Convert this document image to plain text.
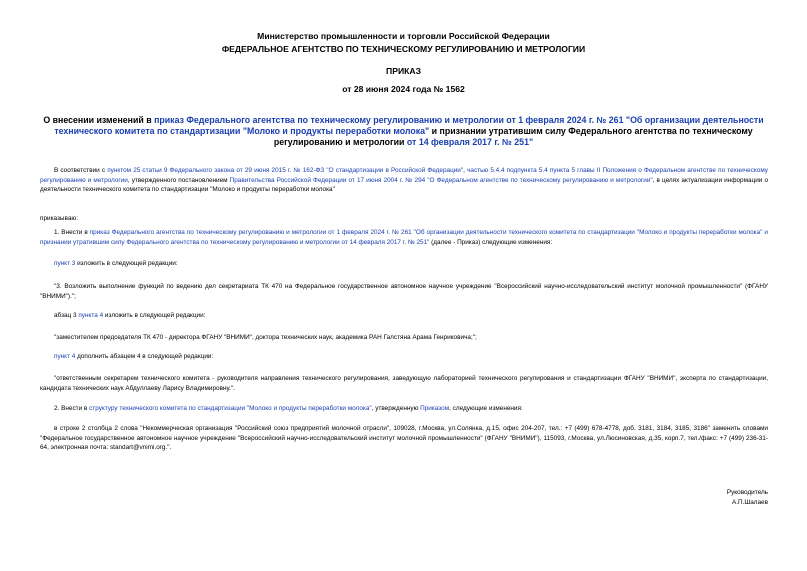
Министерство промышленности и торговли Российской Федерации
ФЕДЕРАЛЬНОЕ АГЕНТСТВО ПО ТЕХНИЧЕСКОМУ РЕГУЛИРОВАНИЮ И МЕТРОЛОГИИ
ПРИКАЗ
от 28 июня 2024 года № 1562
О внесении изменений в приказ Федерального агентства по техническому регулированию и метрологии от 1 февраля 2024 г. № 261 "Об организации деятельности технического комитета по стандартизации "Молоко и продукты переработки молока" и признании утратившим силу Федерального агентства по техническому регулированию и метрологии от 14 февраля 2017 г. № 251"
В соответствии с пунктом 25 статьи 9 Федерального закона от 29 июня 2015 г. № 162-ФЗ "О стандартизации в Российской Федерации", частью 5.4.4 подпункта 5.4 пункта 5 главы II Положения о Федеральном агентстве по техническому регулированию и метрологии, утвержденного постановлением Правительства Российской Федерации от 17 июня 2004 г. № 294 "О Федеральном агентстве по техническому регулированию и метрологии", в целях актуализации информации о деятельности технического комитета по стандартизации "Молоко и продукты переработки молока"
приказываю:
1. Внести в приказ Федерального агентства по техническому регулированию и метрологии от 1 февраля 2024 г. № 261 "Об организации деятельности технического комитета по стандартизации "Молоко и продукты переработки молока" и признании утратившим силу Федерального агентства по техническому регулированию и метрологии от 14 февраля 2017 г. № 251" (далее - Приказ) следующие изменения:
пункт 3 изложить в следующей редакции:
"3. Возложить выполнение функций по ведению дел секретариата ТК 470 на Федеральное государственное автономное научное учреждение "Всероссийский научно-исследовательский институт молочной промышленности" (ФГАНУ "ВНИМИ").";
абзац 3 пункта 4 изложить в следующей редакции:
"заместителем председателя ТК 470 - директора ФГАНУ "ВНИМИ", доктора технических наук, академика РАН Галстяна Арама Генриковича;";
пункт 4 дополнить абзацем 4 в следующей редакции:
"ответственным секретарем технического комитета - руководителя направления технического регулирования, заведующую лабораторией технического регулирования и стандартизации ФГАНУ "ВНИМИ", эксперта по стандартизации, кандидата технических наук Абдуллаеву Ларису Владимировну.".
2. Внести в структуру технического комитета по стандартизации "Молоко и продукты переработки молока", утвержденную Приказом, следующие изменения:
в строке 2 столбца 2 слова "Некоммерческая организация "Российский союз предприятий молочной отрасли", 109028, г.Москва, ул.Солянка, д.15, офис 204-207, тел.: +7 (499) 678-4778, доб. 3181, 3184, 3185, 3186" заменить словами "Федеральное государственное автономное научное учреждение "Всероссийский научно-исследовательский институт молочной промышленности" (ФГАНУ "ВНИМИ"), 115093, г.Москва, ул.Люсиновская, д.35, корп.7, тел./факс: +7 (499) 236-31-64, электронная почта: standart@vnimi.org.".
Руководитель
А.П.Шалаев
